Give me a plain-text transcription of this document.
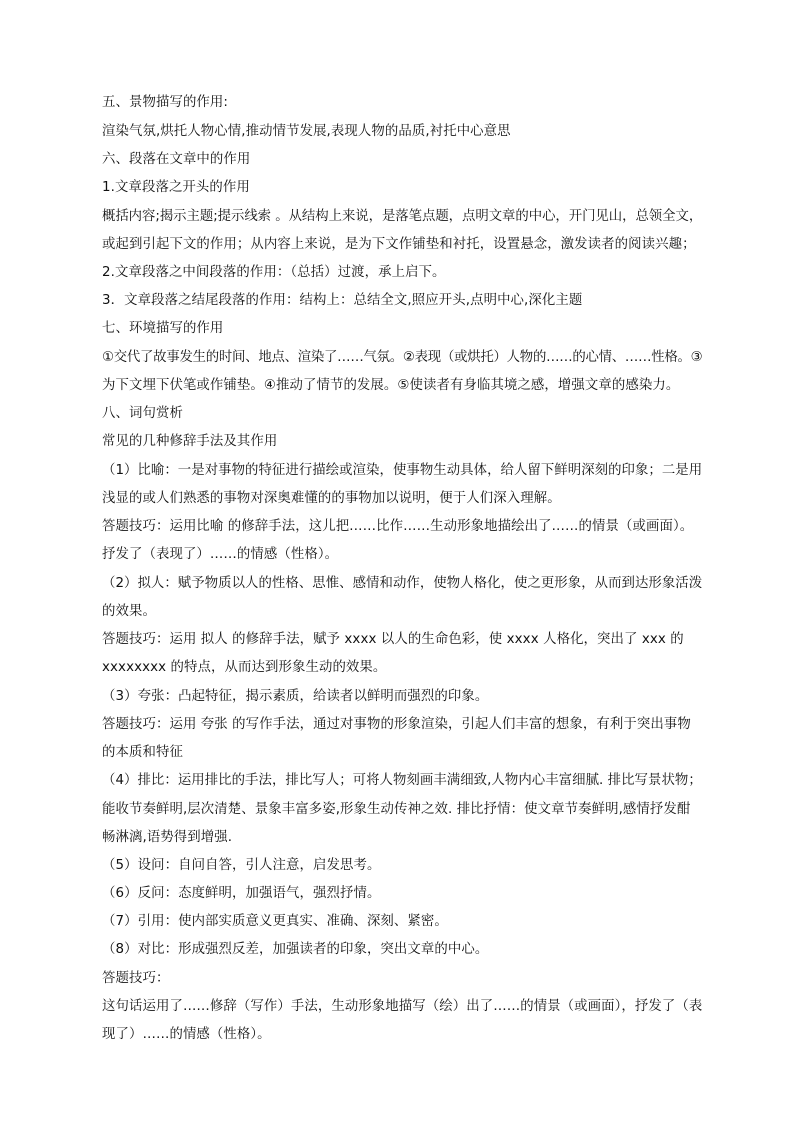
五、景物描写的作用:
渲染气氛,烘托人物心情,推动情节发展,表现人物的品质,衬托中心意思
六、段落在文章中的作用
1.文章段落之开头的作用
概括内容;揭示主题;提示线索 。从结构上来说，是落笔点题，点明文章的中心，开门见山，总领全文，
或起到引起下文的作用；从内容上来说，是为下文作铺垫和衬托，设置悬念，激发读者的阅读兴趣；
2.文章段落之中间段落的作用：（总括）过渡，承上启下。
3．文章段落之结尾段落的作用：结构上：总结全文,照应开头,点明中心,深化主题
七、环境描写的作用
①交代了故事发生的时间、地点、渲染了……气氛。②表现（或烘托）人物的……的心情、……性格。③
为下文埋下伏笔或作铺垫。④推动了情节的发展。⑤使读者有身临其境之感，增强文章的感染力。
八、词句赏析
常见的几种修辞手法及其作用
（1）比喻：一是对事物的特征进行描绘或渲染，使事物生动具体，给人留下鲜明深刻的印象；二是用
浅显的或人们熟悉的事物对深奥难懂的的事物加以说明，便于人们深入理解。
答题技巧：运用比喻 的修辞手法，这儿把……比作……生动形象地描绘出了……的情景（或画面）。
抒发了（表现了）……的情感（性格）。
（2）拟人：赋予物质以人的性格、思惟、感情和动作，使物人格化，使之更形象，从而到达形象活泼
的效果。
答题技巧：运用 拟人 的修辞手法，赋予 xxxx 以人的生命色彩，使 xxxx 人格化，突出了 xxx 的
xxxxxxxx 的特点，从而达到形象生动的效果。
（3）夸张：凸起特征，揭示素质，给读者以鲜明而强烈的印象。
答题技巧：运用 夸张 的写作手法，通过对事物的形象渲染，引起人们丰富的想象，有利于突出事物
的本质和特征
（4）排比：运用排比的手法，排比写人；可将人物刻画丰满细致,人物内心丰富细腻. 排比写景状物；
能收节奏鲜明,层次清楚、景象丰富多姿,形象生动传神之效. 排比抒情：使文章节奏鲜明,感情抒发酣
畅淋漓,语势得到增强.
（5）设问：自问自答，引人注意，启发思考。
（6）反问：态度鲜明，加强语气，强烈抒情。
（7）引用：使内部实质意义更真实、准确、深刻、紧密。
（8）对比：形成强烈反差，加强读者的印象，突出文章的中心。
答题技巧：
这句话运用了……修辞（写作）手法，生动形象地描写（绘）出了……的情景（或画面），抒发了（表
现了）……的情感（性格）。
